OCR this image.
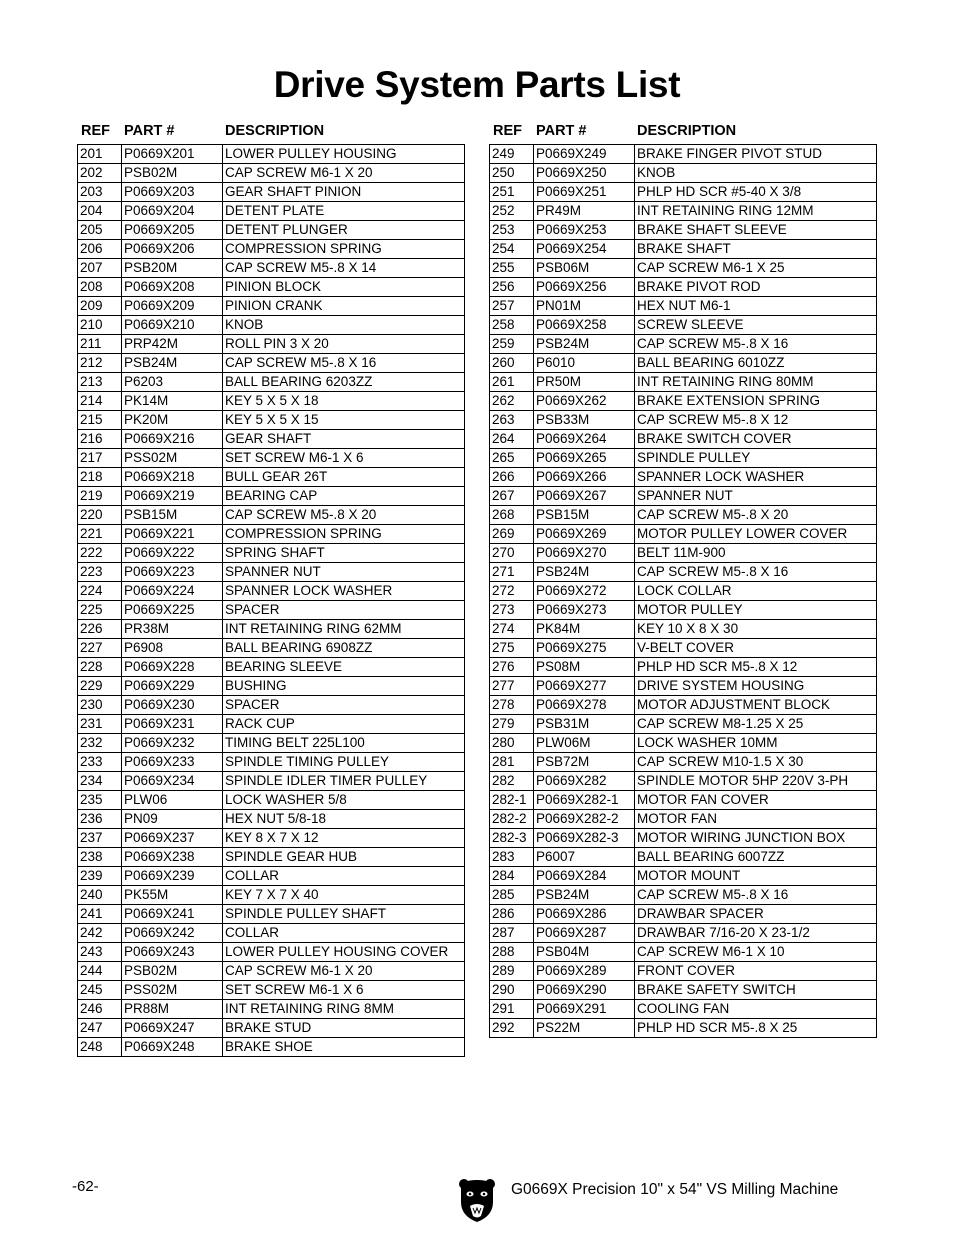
Drive System Parts List
REF PART #	DESCRIPTION
201	P0669X201	LOWER PULLEY HOUSING
202	PSB02M	CAP SCREW M6-1 X 20
203	P0669X203	GEAR SHAFT PINION
204	P0669X204	DETENT PLATE
205	P0669X205	DETENT PLUNGER
206	P0669X206	COMPRESSION SPRING
207	PSB20M	CAP SCREW M5-.8 X 14
208	P0669X208	PINION BLOCK
209	P0669X209	PINION CRANK
210	P0669X210	KNOB
211	PRP42M	ROLL PIN 3 X 20
212	PSB24M	CAP SCREW M5-.8 X 16
213	P6203	BALL BEARING 6203ZZ
214	PK14M	KEY 5 X 5 X 18
215	PK20M	KEY 5 X 5 X 15
216	P0669X216	GEAR SHAFT
217	PSS02M	SET SCREW M6-1 X 6
218	P0669X218	BULL GEAR 26T
219	P0669X219	BEARING CAP
220	PSB15M	CAP SCREW M5-.8 X 20
221	P0669X221	COMPRESSION SPRING
222	P0669X222	SPRING SHAFT
223	P0669X223	SPANNER NUT
224	P0669X224	SPANNER LOCK WASHER
225	P0669X225	SPACER
226	PR38M	INT RETAINING RING 62MM
227	P6908	BALL BEARING 6908ZZ
228	P0669X228	BEARING SLEEVE
229	P0669X229	BUSHING
230	P0669X230	SPACER
231	P0669X231	RACK CUP
232	P0669X232	TIMING BELT 225L100
233	P0669X233	SPINDLE TIMING PULLEY
234	P0669X234	SPINDLE IDLER TIMER PULLEY
235	PLW06	LOCK WASHER 5/8
236	PN09	HEX NUT 5/8-18
237	P0669X237	KEY 8 X 7 X 12
238	P0669X238	SPINDLE GEAR HUB
239	P0669X239	COLLAR
240	PK55M	KEY 7 X 7 X 40
241	P0669X241	SPINDLE PULLEY SHAFT
242	P0669X242	COLLAR
243	P0669X243	LOWER PULLEY HOUSING COVER
244	PSB02M	CAP SCREW M6-1 X 20
245	PSS02M	SET SCREW M6-1 X 6
246	PR88M	INT RETAINING RING 8MM
247	P0669X247	BRAKE STUD
248	P0669X248	BRAKE SHOE
REF PART #	DESCRIPTION
249	P0669X249	BRAKE FINGER PIVOT STUD
250	P0669X250	KNOB
251	P0669X251	PHLP HD SCR #5-40 X 3/8
252	PR49M	INT RETAINING RING 12MM
253	P0669X253	BRAKE SHAFT SLEEVE
254	P0669X254	BRAKE SHAFT
255	PSB06M	CAP SCREW M6-1 X 25
256	P0669X256	BRAKE PIVOT ROD
257	PN01M	HEX NUT M6-1
258	P0669X258	SCREW SLEEVE
259	PSB24M	CAP SCREW M5-.8 X 16
260	P6010	BALL BEARING 6010ZZ
261	PR50M	INT RETAINING RING 80MM
262	P0669X262	BRAKE EXTENSION SPRING
263	PSB33M	CAP SCREW M5-.8 X 12
264	P0669X264	BRAKE SWITCH COVER
265	P0669X265	SPINDLE PULLEY
266	P0669X266	SPANNER LOCK WASHER
267	P0669X267	SPANNER NUT
268	PSB15M	CAP SCREW M5-.8 X 20
269	P0669X269	MOTOR PULLEY LOWER COVER
270	P0669X270	BELT 11M-900
271	PSB24M	CAP SCREW M5-.8 X 16
272	P0669X272	LOCK COLLAR
273	P0669X273	MOTOR PULLEY
274	PK84M	KEY 10 X 8 X 30
275	P0669X275	V-BELT COVER
276	PS08M	PHLP HD SCR M5-.8 X 12
277	P0669X277	DRIVE SYSTEM HOUSING
278	P0669X278	MOTOR ADJUSTMENT BLOCK
279	PSB31M	CAP SCREW M8-1.25 X 25
280	PLW06M	LOCK WASHER 10MM
281	PSB72M	CAP SCREW M10-1.5 X 30
282	P0669X282	SPINDLE MOTOR 5HP 220V 3-PH
282-1	P0669X282-1	MOTOR FAN COVER
282-2	P0669X282-2	MOTOR FAN
282-3	P0669X282-3	MOTOR WIRING JUNCTION BOX
283	P6007	BALL BEARING 6007ZZ
284	P0669X284	MOTOR MOUNT
285	PSB24M	CAP SCREW M5-.8 X 16
286	P0669X286	DRAWBAR SPACER
287	P0669X287	DRAWBAR 7/16-20 X 23-1/2
288	PSB04M	CAP SCREW M6-1 X 10
289	P0669X289	FRONT COVER
290	P0669X290	BRAKE SAFETY SWITCH
291	P0669X291	COOLING FAN
292	PS22M	PHLP HD SCR M5-.8 X 25
-62-	G0669X Precision 10" x 54" VS Milling Machine
